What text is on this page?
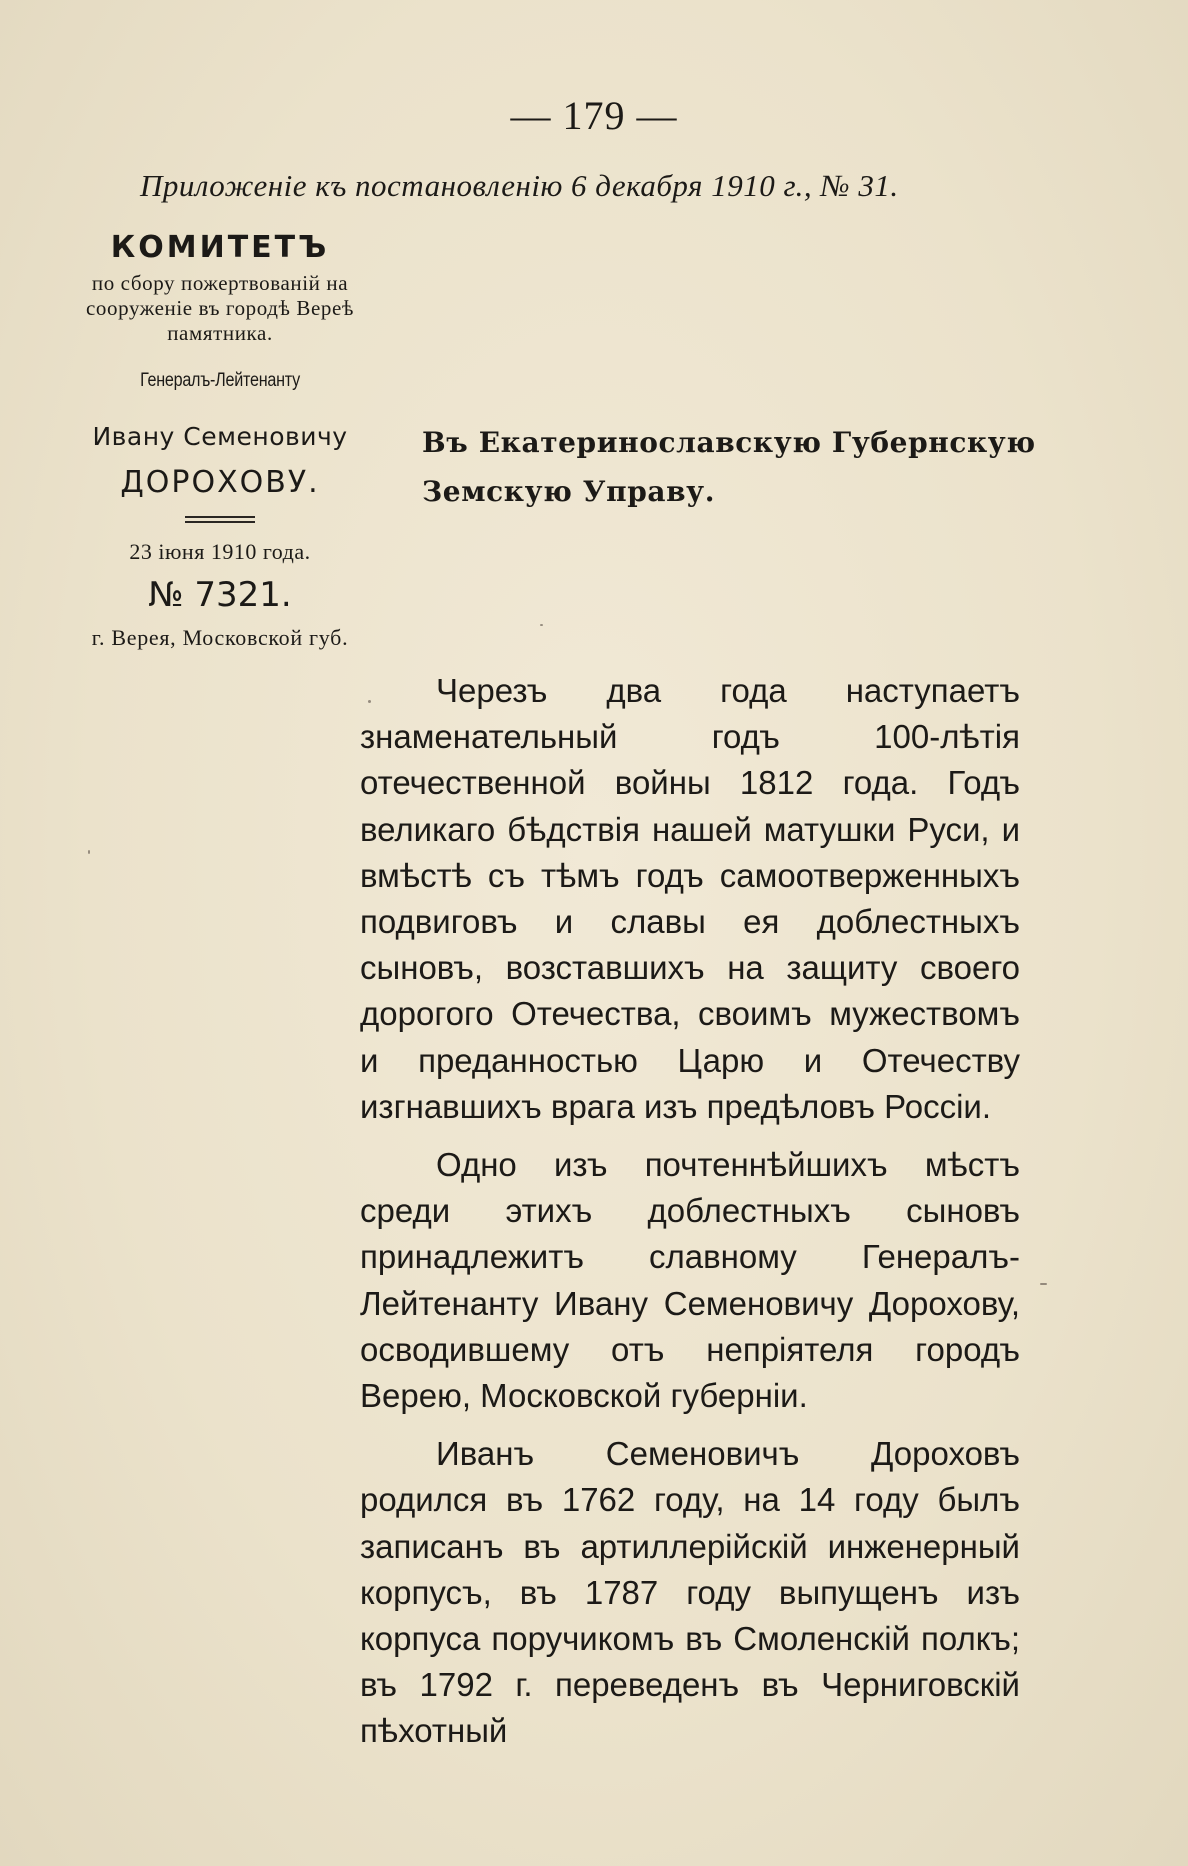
— 179 —
Приложеніе къ постановленію 6 декабря 1910 г., № 31.
КОМИТЕТЪ
по сбору пожертвованій на сооруженіе въ городѣ Вереѣ памятника.
Генералъ-Лейтенанту
Ивану Семеновичу
ДОРОХОВУ.
23 іюня 1910 года.
№ 7321.
г. Верея, Московской губ.
Въ Екатеринославскую Губернскую Земскую Управу.

Черезъ два года наступаетъ знаменательный годъ 100-лѣтія отечественной войны 1812 года. Годъ великаго бѣдствія нашей матушки Руси, и вмѣстѣ съ тѣмъ годъ самоотверженныхъ подвиговъ и славы ея доблестныхъ сыновъ, возставшихъ на защиту своего дорогого Отечества, своимъ мужествомъ и преданностью Царю и Отечеству изгнавшихъ врага изъ предѣловъ Россіи.

Одно изъ почтеннѣйшихъ мѣстъ среди этихъ доблестныхъ сыновъ принадлежитъ славному Генералъ-Лейтенанту Ивану Семеновичу Дорохову, осводившему отъ непріятеля городъ Верею, Московской губерніи.

Иванъ Семеновичъ Дороховъ родился въ 1762 году, на 14 году былъ записанъ въ артиллерійскій инженерный корпусъ, въ 1787 году выпущенъ изъ корпуса поручикомъ въ Смоленскій полкъ; въ 1792 г. переведенъ въ Черниговскій пѣхотный
